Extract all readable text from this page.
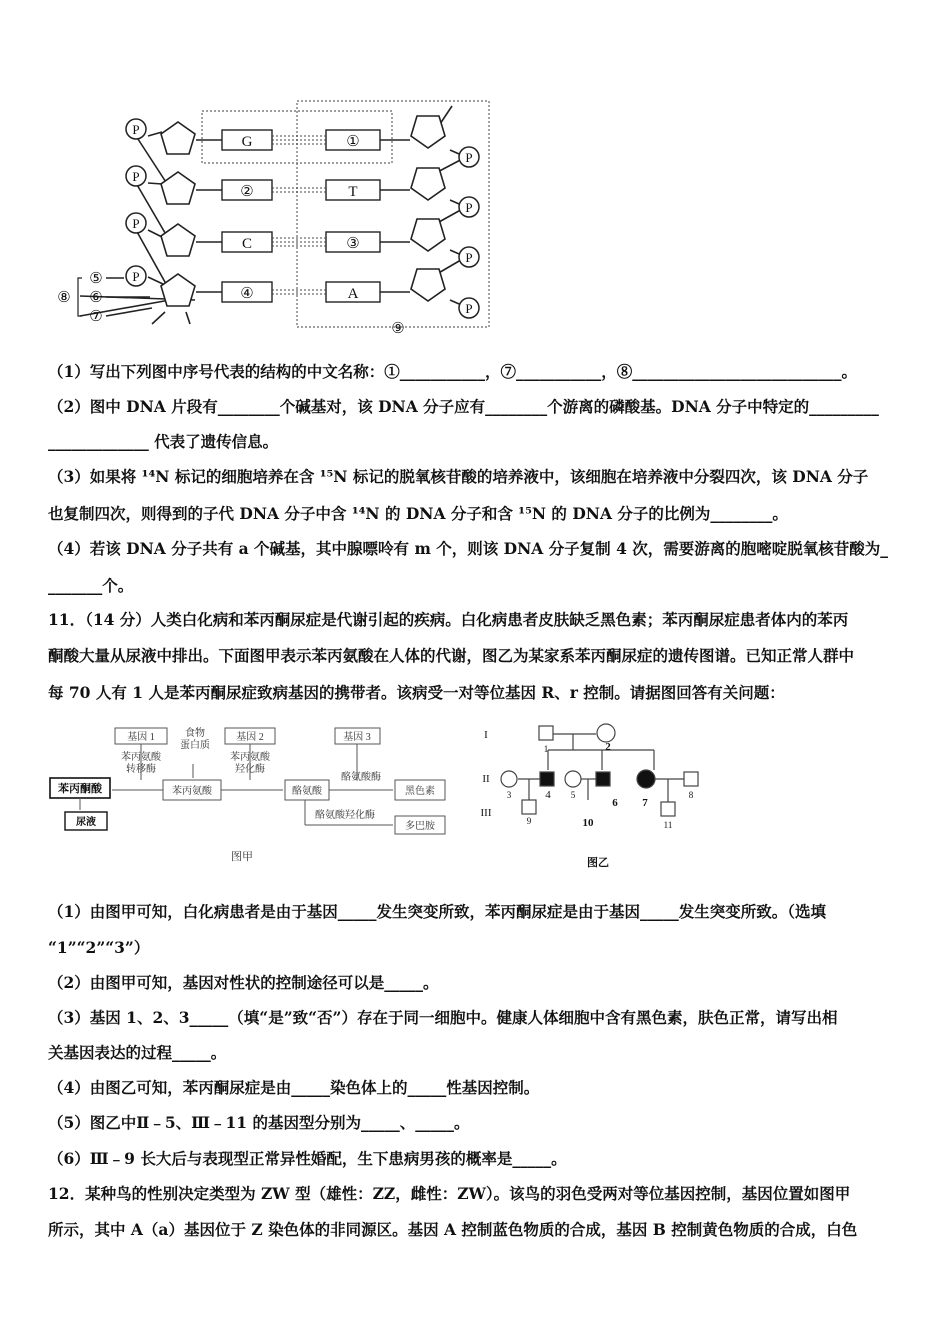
G
②
C
④
①
T
③
A
P
P
P
P
P
P
P
P
⑤
⑥
⑦
⑧
⑨
（1）写出下列图中序号代表的结构的中文名称：①___________，⑦___________，⑧___________________________。
（2）图中 DNA 片段有________个碱基对，该 DNA 分子应有________个游离的磷酸基。DNA 分子中特定的_________
_____________ 代表了遗传信息。
（3）如果将 ¹⁴N 标记的细胞培养在含 ¹⁵N 标记的脱氧核苷酸的培养液中，该细胞在培养液中分裂四次，该 DNA 分子
也复制四次，则得到的子代 DNA 分子中含 ¹⁴N 的 DNA 分子和含 ¹⁵N 的 DNA 分子的比例为________。
（4）若该 DNA 分子共有 a 个碱基，其中腺嘌呤有 m 个，则该 DNA 分子复制 4 次，需要游离的胞嘧啶脱氧核苷酸为_
_______个。
11．（14 分）人类白化病和苯丙酮尿症是代谢引起的疾病。白化病患者皮肤缺乏黑色素；苯丙酮尿症患者体内的苯丙
酮酸大量从尿液中排出。下面图甲表示苯丙氨酸在人体的代谢，图乙为某家系苯丙酮尿症的遗传图谱。已知正常人群中
每 70 人有 1 人是苯丙酮尿症致病基因的携带者。该病受一对等位基因 R、r 控制。请据图回答有关问题：
基因 1	基因 2	基因 3
食物
蛋白质
苯丙氨酸
转移酶
苯丙氨酸
羟化酶
酪氨酸酶
酪氨酸羟化酶
苯丙酮酸	苯丙氨酸	酪氨酸	黑色素
尿液	多巴胺
图甲
I
II
III
1	2
3	4 5
6 7
8
9	10	11
图乙
（1）由图甲可知，白化病患者是由于基因_____发生突变所致，苯丙酮尿症是由于基因_____发生突变所致。（选填
“1”“2”“3”）
（2）由图甲可知，基因对性状的控制途径可以是_____。
（3）基因 1、2、3_____（填“是”致“否”）存在于同一细胞中。健康人体细胞中含有黑色素，肤色正常，请写出相
关基因表达的过程_____。
（4）由图乙可知，苯丙酮尿症是由_____染色体上的_____性基因控制。
（5）图乙中Ⅱ﹣5、Ⅲ﹣11 的基因型分别为_____、_____。
（6）Ⅲ﹣9 长大后与表现型正常异性婚配，生下患病男孩的概率是_____。
12．某种鸟的性别决定类型为 ZW 型（雄性：ZZ，雌性：ZW）。该鸟的羽色受两对等位基因控制，基因位置如图甲
所示，其中 A（a）基因位于 Z 染色体的非同源区。基因 A 控制蓝色物质的合成，基因 B 控制黄色物质的合成，白色
